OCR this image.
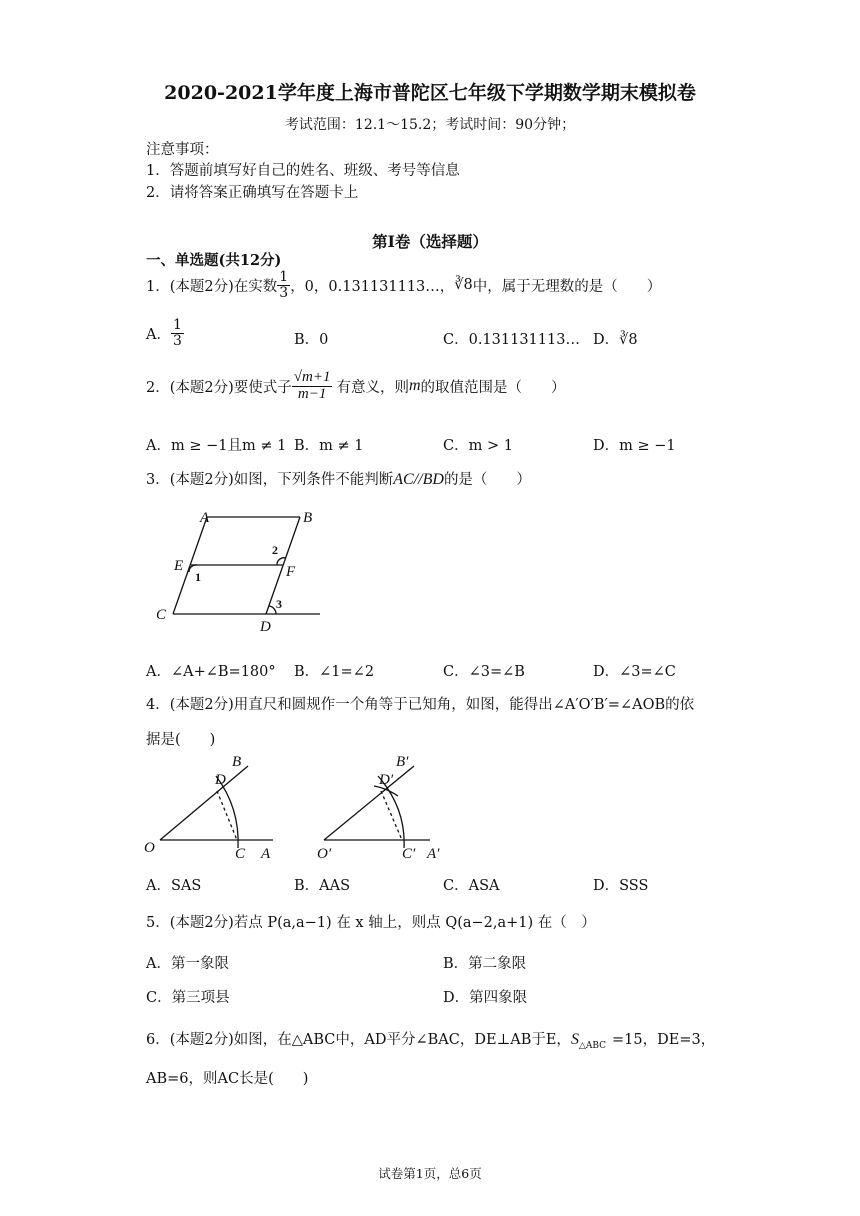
2020-2021学年度上海市普陀区七年级下学期数学期末模拟卷
考试范围：12.1～15.2；考试时间：90分钟；
注意事项：
1．答题前填写好自己的姓名、班级、考号等信息
2．请将答案正确填写在答题卡上
第I卷（选择题）
一、单选题(共12分)
1．(本题2分)在实数 $\frac{1}{3}$ ，0，0.131131113…， ∛8 中，属于无理数的是（　　）
A． $\frac{1}{3}$	B．0	C．0.131131113… D．∛8
2．(本题2分)要使式子 $\frac{√m+1}{m-1}$ 有意义，则 m 的取值范围是（　　）
A．m ≥ −1且m ≠ 1 B．m ≠ 1	C．m > 1	D．m ≥ −1
3．(本题2分)如图，下列条件不能判断AC//BD的是（　　）
A	B
E	F
C
D
1
2
3
A．∠A+∠B=180° B．∠1=∠2	C．∠3=∠B	D．∠3=∠C
4．(本题2分)用直尺和圆规作一个角等于已知角，如图，能得出∠A′O′B′=∠AOB的依
据是(　　)
O	C A
D
B
O′	C′ A′
D′
B′
A．SAS	B．AAS	C．ASA	D．SSS
5．(本题2分)若点 P(a,a−1) 在 x 轴上，则点 Q(a−2,a+1) 在（　）
A．第一象限	B．第二象限
C．第三项县	D．第四象限
6．(本题2分)如图，在△ABC中，AD平分∠BAC，DE⊥AB于E，$S_{\triangle ABC} =15$，DE=3，
AB=6，则AC长是(　　)
试卷第1页，总6页
